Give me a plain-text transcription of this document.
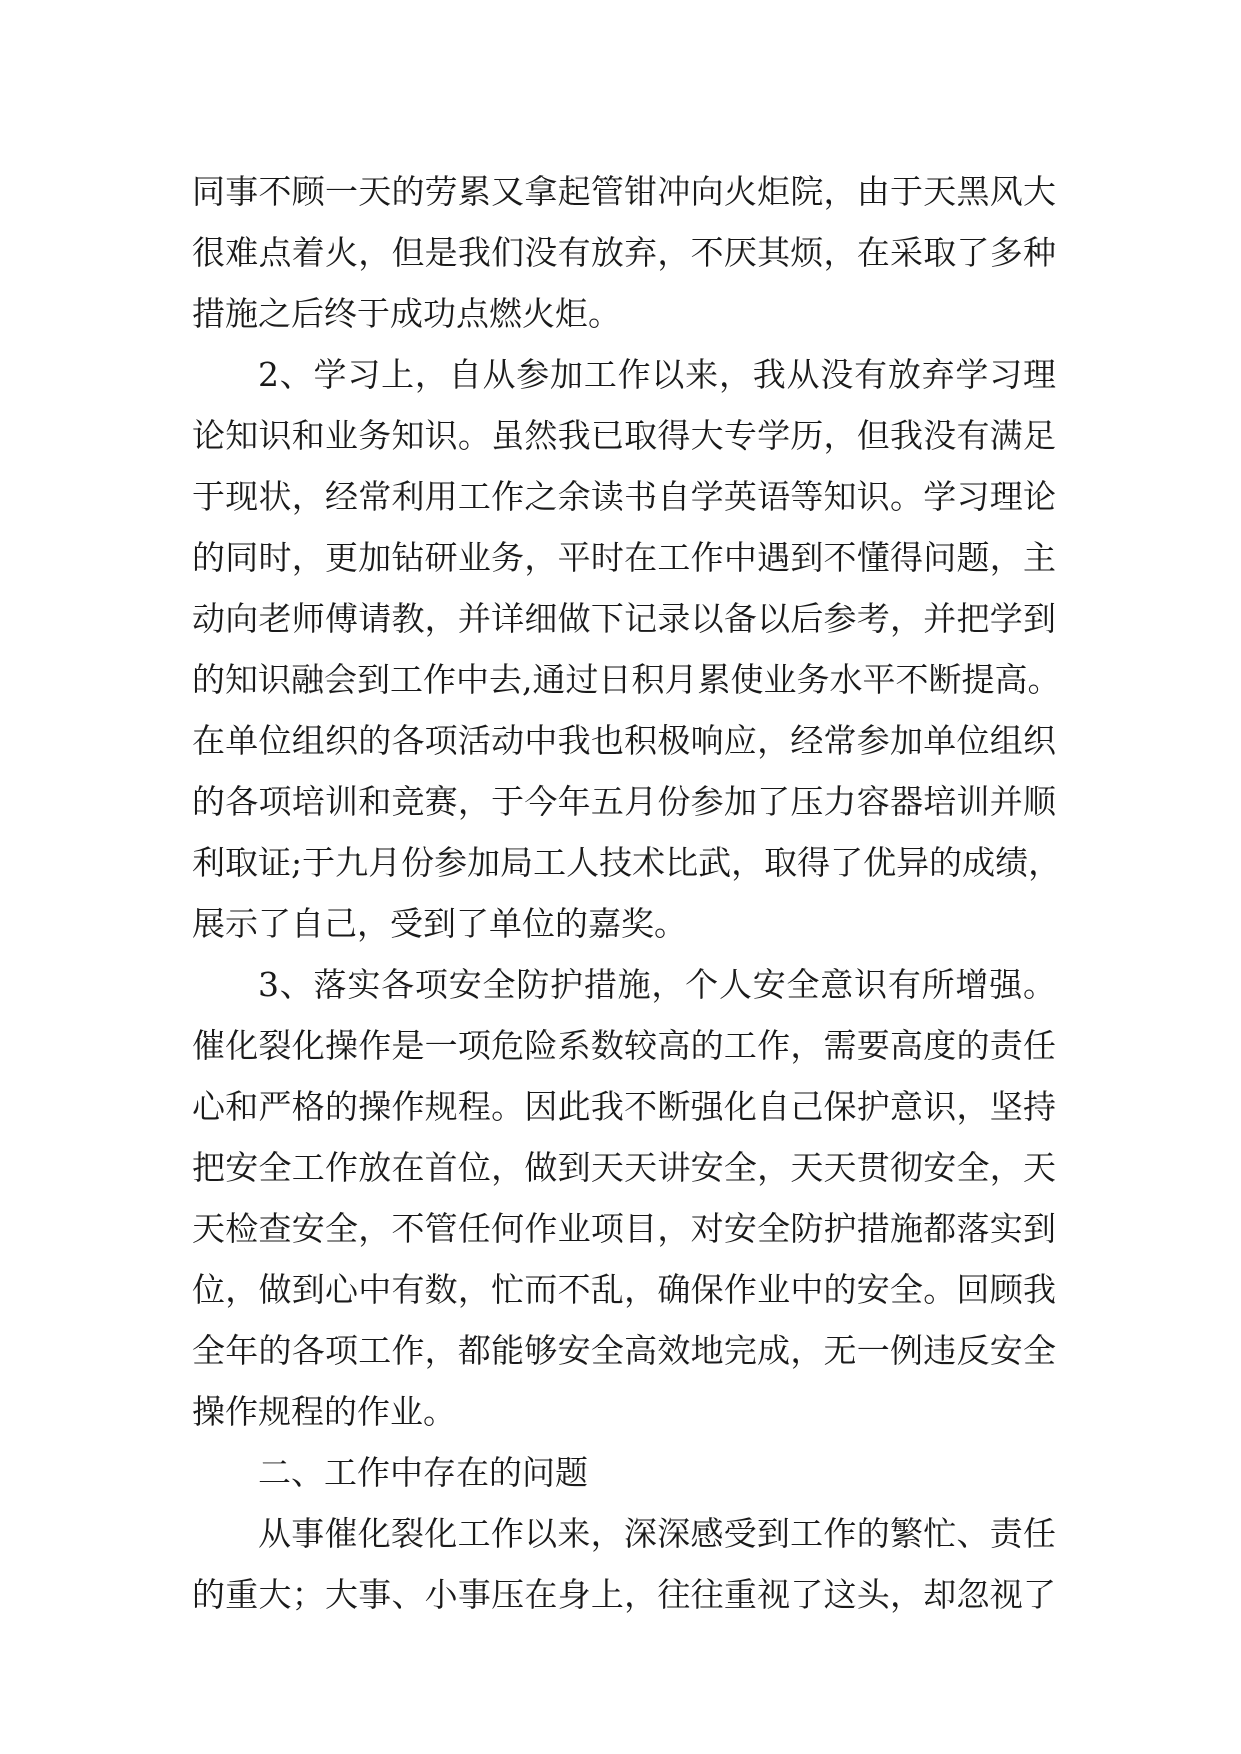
同事不顾一天的劳累又拿起管钳冲向火炬院，由于天黑风大
很难点着火，但是我们没有放弃，不厌其烦，在采取了多种
措施之后终于成功点燃火炬。
2、学习上，自从参加工作以来，我从没有放弃学习理
论知识和业务知识。虽然我已取得大专学历，但我没有满足
于现状，经常利用工作之余读书自学英语等知识。学习理论
的同时，更加钻研业务，平时在工作中遇到不懂得问题，主
动向老师傅请教，并详细做下记录以备以后参考，并把学到
的知识融会到工作中去,通过日积月累使业务水平不断提高。
在单位组织的各项活动中我也积极响应，经常参加单位组织
的各项培训和竞赛，于今年五月份参加了压力容器培训并顺
利取证;于九月份参加局工人技术比武，取得了优异的成绩，
展示了自己，受到了单位的嘉奖。
3、落实各项安全防护措施，个人安全意识有所增强。
催化裂化操作是一项危险系数较高的工作，需要高度的责任
心和严格的操作规程。因此我不断强化自己保护意识，坚持
把安全工作放在首位，做到天天讲安全，天天贯彻安全，天
天检查安全，不管任何作业项目，对安全防护措施都落实到
位，做到心中有数，忙而不乱，确保作业中的安全。回顾我
全年的各项工作，都能够安全高效地完成，无一例违反安全
操作规程的作业。
二、工作中存在的问题
从事催化裂化工作以来，深深感受到工作的繁忙、责任
的重大；大事、小事压在身上，往往重视了这头，却忽视了
